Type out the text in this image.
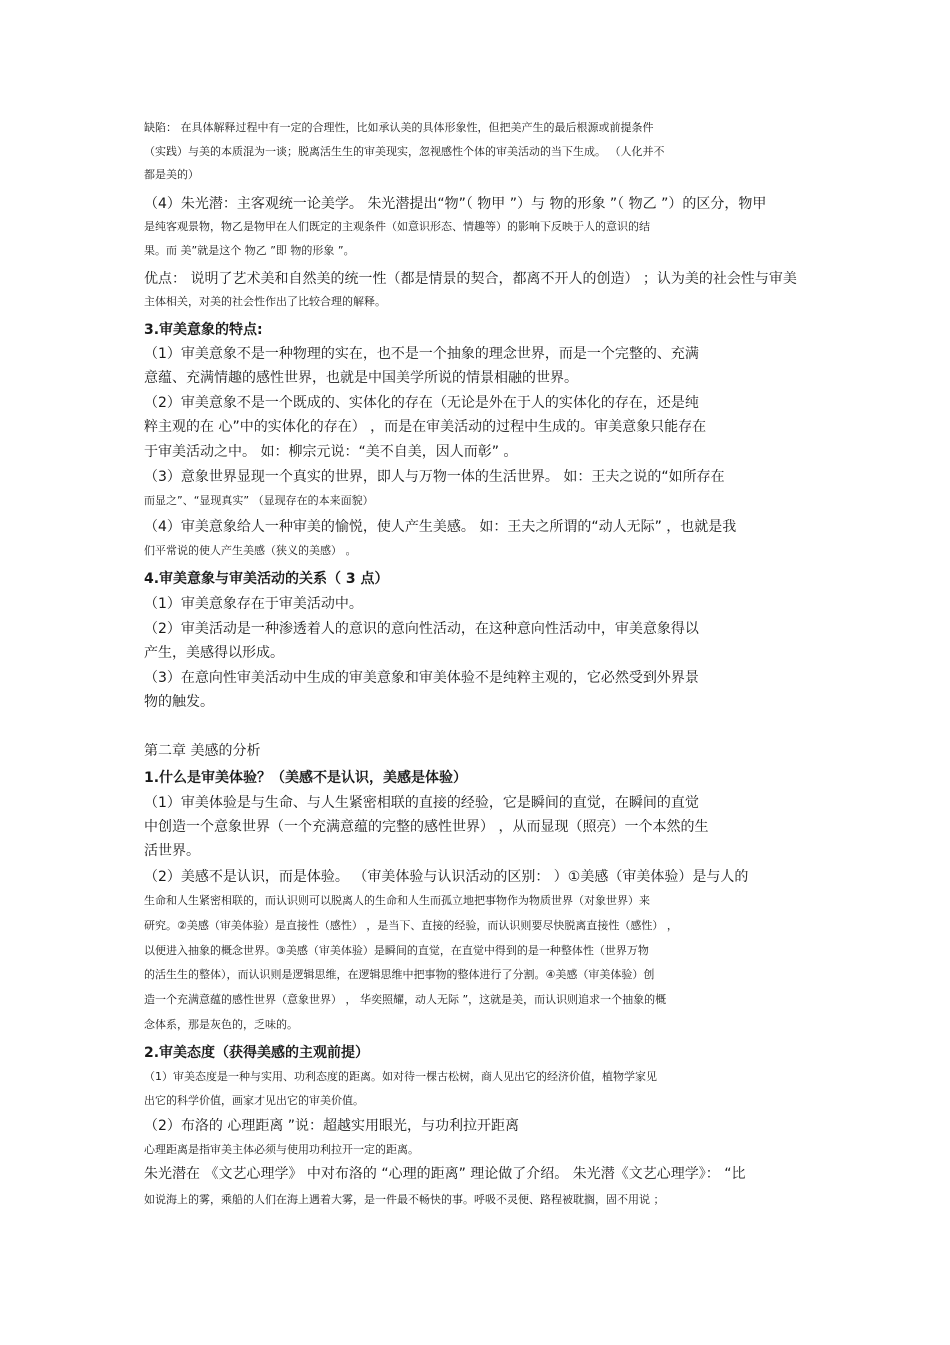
缺陷： 在具体解释过程中有一定的合理性，比如承认美的具体形象性，但把美产生的最后根源或前提条件
（实践）与美的本质混为一谈；脱离活生生的审美现实，忽视感性个体的审美活动的当下生成。 （人化并不
都是美的）
（4）朱光潜：主客观统一论美学。 朱光潜提出“物”（ 物甲 ”）与 物的形象 ”（ 物乙 ”）的区分，物甲
是纯客观景物，物乙是物甲在人们既定的主观条件（如意识形态、情趣等）的影响下反映于人的意识的结
果。而 美”就是这个 物乙 ”即 物的形象 ”。
优点： 说明了艺术美和自然美的统一性（都是情景的契合，都离不开人的创造） ；认为美的社会性与审美
主体相关，对美的社会性作出了比较合理的解释。
3.审美意象的特点:
（1）审美意象不是一种物理的实在，也不是一个抽象的理念世界，而是一个完整的、充满
意蕴、充满情趣的感性世界，也就是中国美学所说的情景相融的世界。
（2）审美意象不是一个既成的、实体化的存在（无论是外在于人的实体化的存在，还是纯
粹主观的在 心”中的实体化的存在） ，而是在审美活动的过程中生成的。审美意象只能存在
于审美活动之中。 如：柳宗元说：“美不自美，因人而彰” 。
（3）意象世界显现一个真实的世界，即人与万物一体的生活世界。 如：王夫之说的“如所存在
而显之”、“显现真实” （显现存在的本来面貌）
（4）审美意象给人一种审美的愉悦，使人产生美感。 如：王夫之所谓的“动人无际” ，也就是我
们平常说的使人产生美感（狭义的美感） 。
4.审美意象与审美活动的关系（ 3 点）
（1）审美意象存在于审美活动中。
（2）审美活动是一种渗透着人的意识的意向性活动，在这种意向性活动中，审美意象得以
产生，美感得以形成。
（3）在意向性审美活动中生成的审美意象和审美体验不是纯粹主观的，它必然受到外界景
物的触发。
第二章 美感的分析
1.什么是审美体验？（美感不是认识，美感是体验）
（1）审美体验是与生命、与人生紧密相联的直接的经验，它是瞬间的直觉，在瞬间的直觉
中创造一个意象世界（一个充满意蕴的完整的感性世界） ，从而显现（照亮）一个本然的生
活世界。
（2）美感不是认识，而是体验。 （审美体验与认识活动的区别： ）①美感（审美体验）是与人的
生命和人生紧密相联的，而认识则可以脱离人的生命和人生而孤立地把事物作为物质世界（对象世界）来
研究。②美感（审美体验）是直接性（感性） ，是当下、直接的经验，而认识则要尽快脱离直接性（感性） ，
以便进入抽象的概念世界。③美感（审美体验）是瞬间的直觉，在直觉中得到的是一种整体性（世界万物
的活生生的整体），而认识则是逻辑思维，在逻辑思维中把事物的整体进行了分割。④美感（审美体验）创
造一个充满意蕴的感性世界（意象世界） ， 华奕照耀，动人无际 ”，这就是美，而认识则追求一个抽象的概
念体系，那是灰色的，乏味的。
2.审美态度（获得美感的主观前提）
（1）审美态度是一种与实用、功利态度的距离。如对待一棵古松树，商人见出它的经济价值，植物学家见
出它的科学价值，画家才见出它的审美价值。
（2）布洛的 心理距离 ”说：超越实用眼光，与功利拉开距离
心理距离是指审美主体必须与使用功利拉开一定的距离。
朱光潜在 《文艺心理学》 中对布洛的 “心理的距离” 理论做了介绍。 朱光潜《文艺心理学》： “比
如说海上的雾，乘船的人们在海上遇着大雾，是一件最不畅快的事。呼吸不灵便、路程被耽搁，固不用说 ；
